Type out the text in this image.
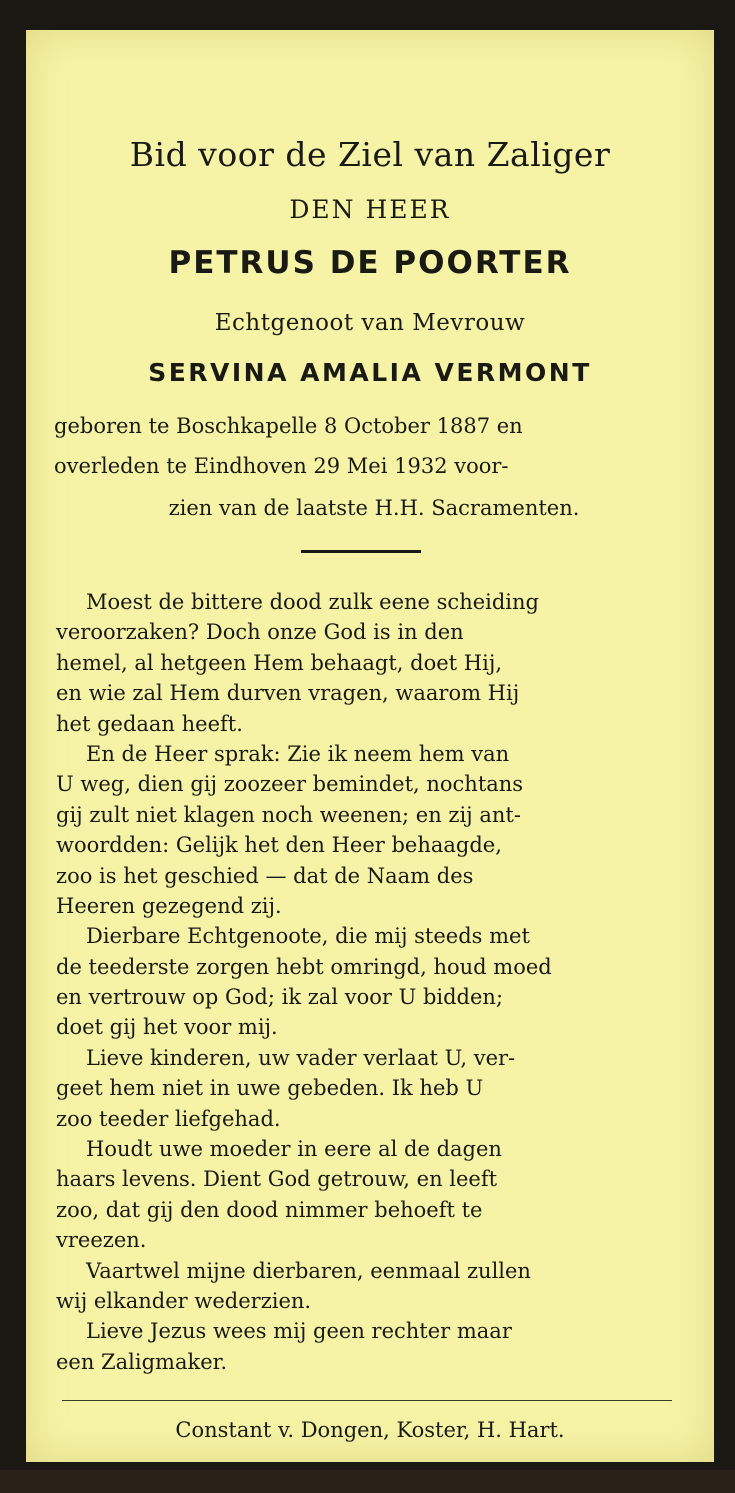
Bid voor de Ziel van Zaliger
DEN HEER
PETRUS DE POORTER
Echtgenoot van Mevrouw
SERVINA AMALIA VERMONT
geboren te Boschkapelle 8 October 1887 en
overleden te Eindhoven 29 Mei 1932 voor-
zien van de laatste H.H. Sacramenten.
Moest de bittere dood zulk eene scheiding
veroorzaken? Doch onze God is in den
hemel, al hetgeen Hem behaagt, doet Hij,
en wie zal Hem durven vragen, waarom Hij
het gedaan heeft.
En de Heer sprak: Zie ik neem hem van
U weg, dien gij zoozeer bemindet, nochtans
gij zult niet klagen noch weenen; en zij ant-
woordden: Gelijk het den Heer behaagde,
zoo is het geschied — dat de Naam des
Heeren gezegend zij.
Dierbare Echtgenoote, die mij steeds met
de teederste zorgen hebt omringd, houd moed
en vertrouw op God; ik zal voor U bidden;
doet gij het voor mij.
Lieve kinderen, uw vader verlaat U, ver-
geet hem niet in uwe gebeden. Ik heb U
zoo teeder liefgehad.
Houdt uwe moeder in eere al de dagen
haars levens. Dient God getrouw, en leeft
zoo, dat gij den dood nimmer behoeft te
vreezen.
Vaartwel mijne dierbaren, eenmaal zullen
wij elkander wederzien.
Lieve Jezus wees mij geen rechter maar
een Zaligmaker.
Constant v. Dongen, Koster, H. Hart.
